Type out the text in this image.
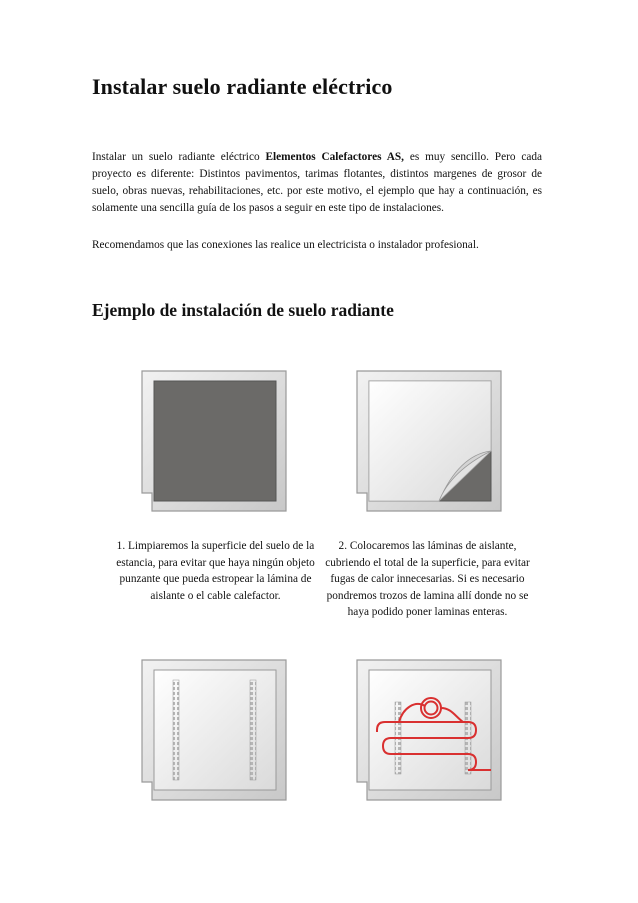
Instalar suelo radiante eléctrico

Instalar un suelo radiante eléctrico Elementos Calefactores AS, es muy sencillo. Pero cada proyecto es diferente: Distintos pavimentos, tarimas flotantes, distintos margenes de grosor de suelo, obras nuevas, rehabilitaciones, etc. por este motivo, el ejemplo que hay a continuación, es solamente una sencilla guía de los pasos a seguir en este tipo de instalaciones.

Recomendamos que las conexiones las realice un electricista o instalador profesional.

Ejemplo de instalación de suelo radiante

1. Limpiaremos la superficie del suelo de la estancia, para evitar que haya ningún objeto punzante que pueda estropear la lámina de aislante o el cable calefactor.

2. Colocaremos las láminas de aislante, cubriendo el total de la superficie, para evitar fugas de calor innecesarias. Si es necesario pondremos trozos de lamina allí donde no se haya podido poner laminas enteras.
